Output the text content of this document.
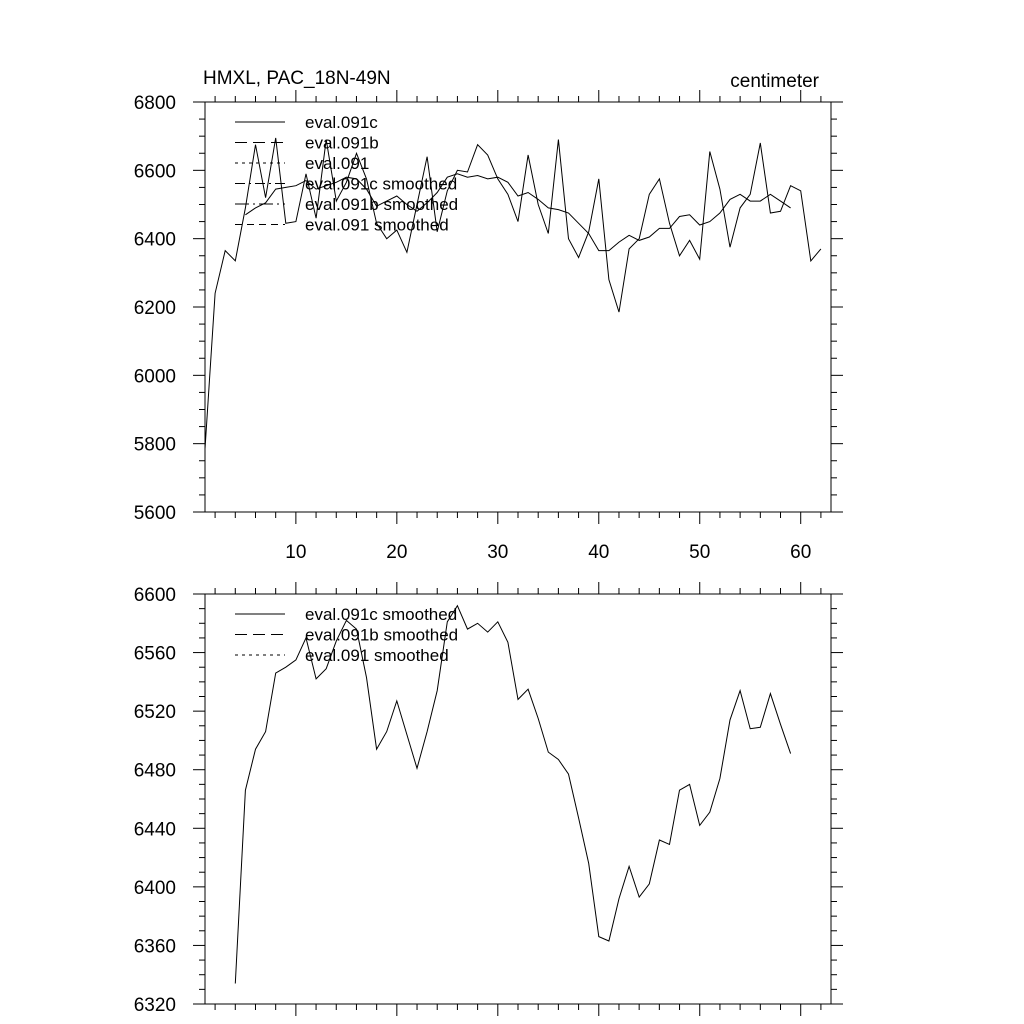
HMXL, PAC_18N-49N	centimeter
10	20	30	40	50	60
5600
5800
6000
6200
6400
6600
6800
eval.091c
eval.091b
eval.091
eval.091c smoothed
eval.091b smoothed
eval.091 smoothed
6320
6360
6400
6440
6480
6520
6560
6600
eval.091c smoothed
eval.091b smoothed
eval.091 smoothed
